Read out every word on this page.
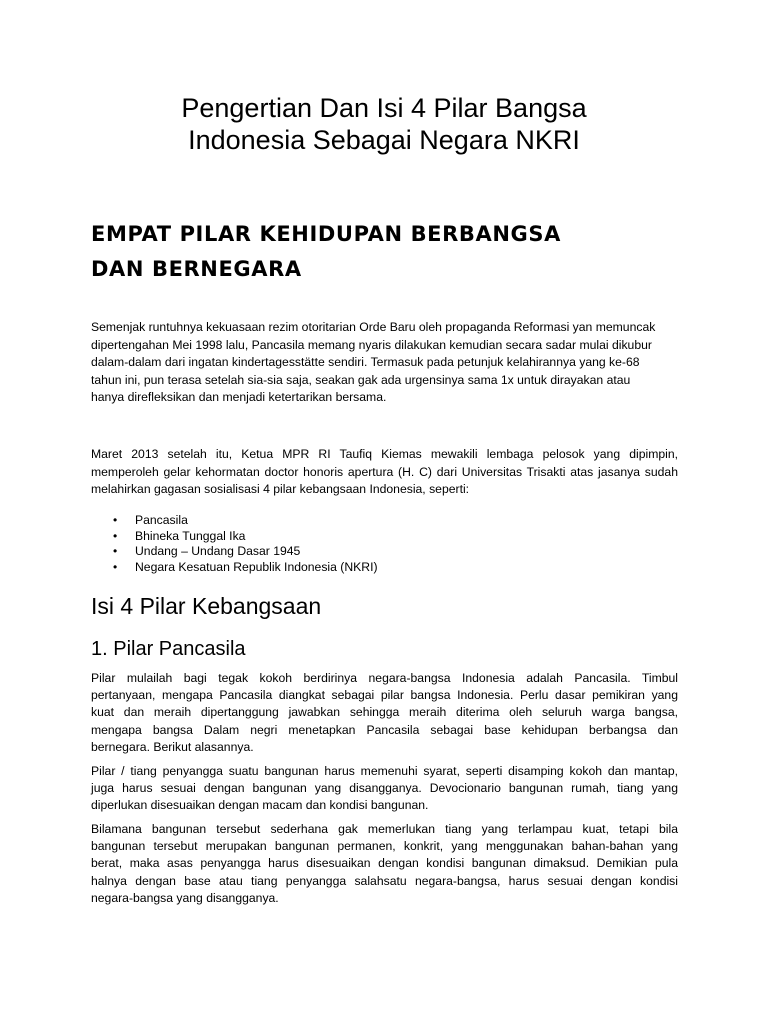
Pengertian Dan Isi 4 Pilar Bangsa
Indonesia Sebagai Negara NKRI
EMPAT PILAR KEHIDUPAN BERBANGSA
DAN BERNEGARA

Semenjak runtuhnya kekuasaan rezim otoritarian Orde Baru oleh propaganda Reformasi yan memuncak
dipertengahan Mei 1998 lalu, Pancasila memang nyaris dilakukan kemudian secara sadar mulai dikubur
dalam-dalam dari ingatan kindertagesstätte sendiri. Termasuk pada petunjuk kelahirannya yang ke-68
tahun ini, pun terasa setelah sia-sia saja, seakan gak ada urgensinya sama 1x untuk dirayakan atau
hanya direfleksikan dan menjadi ketertarikan bersama.

Maret 2013 setelah itu, Ketua MPR RI Taufiq Kiemas mewakili lembaga pelosok yang dipimpin,
memperoleh gelar kehormatan doctor honoris apertura (H. C) dari Universitas Trisakti atas jasanya sudah
melahirkan gagasan sosialisasi 4 pilar kebangsaan Indonesia, seperti:

• Pancasila
• Bhineka Tunggal Ika
• Undang – Undang Dasar 1945
• Negara Kesatuan Republik Indonesia (NKRI)
Isi 4 Pilar Kebangsaan
1. Pilar Pancasila

Pilar mulailah bagi tegak kokoh berdirinya negara-bangsa Indonesia adalah Pancasila. Timbul
pertanyaan, mengapa Pancasila diangkat sebagai pilar bangsa Indonesia. Perlu dasar pemikiran yang
kuat dan meraih dipertanggung jawabkan sehingga meraih diterima oleh seluruh warga bangsa,
mengapa bangsa Dalam negri menetapkan Pancasila sebagai base kehidupan berbangsa dan
bernegara. Berikut alasannya.

Pilar / tiang penyangga suatu bangunan harus memenuhi syarat, seperti disamping kokoh dan mantap,
juga harus sesuai dengan bangunan yang disangganya. Devocionario bangunan rumah, tiang yang
diperlukan disesuaikan dengan macam dan kondisi bangunan.

Bilamana bangunan tersebut sederhana gak memerlukan tiang yang terlampau kuat, tetapi bila
bangunan tersebut merupakan bangunan permanen, konkrit, yang menggunakan bahan-bahan yang
berat, maka asas penyangga harus disesuaikan dengan kondisi bangunan dimaksud. Demikian pula
halnya dengan base atau tiang penyangga salahsatu negara-bangsa, harus sesuai dengan kondisi
negara-bangsa yang disangganya.
